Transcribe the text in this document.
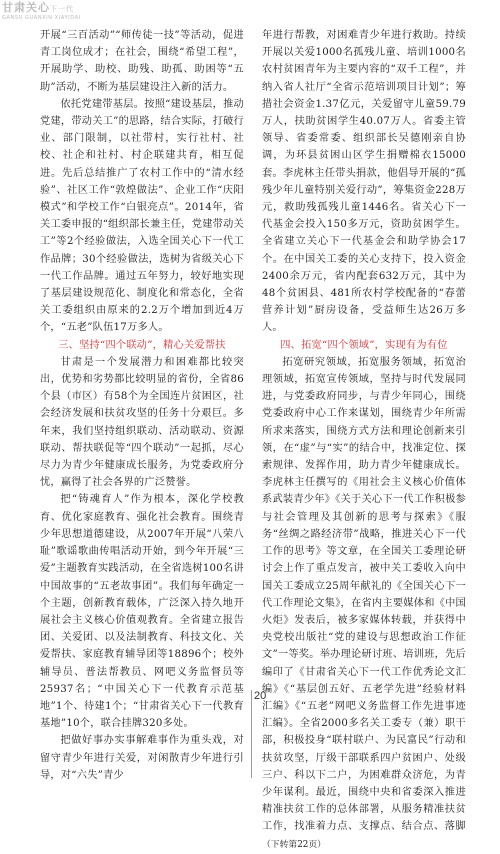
甘肃关心下一代
GANSU GUANXIN XIAYIDAI

开展“三百活动”“师传徒一技”等活动，促进青工岗位成才；在社会，围绕“希望工程”，开展助学、助校、助残、助孤、助困等“五助”活动，不断为基层建设注入新的活力。

依托党建带基层。按照“建设基层，推动党建，带动关工”的思路，结合实际，打破行业、部门限制，以社带村，实行社村、社校、社企和社村、村企联建共育，相互促进。先后总结推广了农村工作中的“清水经验”、社区工作“敦煌做法”、企业工作“庆阳模式”和学校工作“白银亮点”。2014年，省关工委申报的“组织部长兼主任，党建带动关工”等2个经验做法，入选全国关心下一代工作品牌；30个经验做法，选树为省级关心下一代工作品牌。通过五年努力，较好地实现了基层建设规范化、制度化和常态化，全省关工委组织由原来的2.2万个增加到近4万个，“五老”队伍17万多人。

三、坚持“四个联动”，精心关爱帮扶

甘肃是一个发展潜力和困难都比较突出，优势和劣势都比较明显的省份，全省86个县（市区）有58个为全国连片贫困区，社会经济发展和扶贫攻坚的任务十分艰巨。多年来，我们坚持组织联动、活动联动、资源联动、帮扶联促等“四个联动”一起抓，尽心尽力为青少年健康成长服务，为党委政府分忧，赢得了社会各界的广泛赞誉。

把“铸魂育人”作为根本，深化学校教育、优化家庭教育、强化社会教育。围绕青少年思想道德建设，从2007年开展“八荣八耻”歌谣歌曲传唱活动开始，到今年开展“三爱”主题教育实践活动，在全省选树100名讲中国故事的“五老故事团”。我们每年确定一个主题，创新教育载体，广泛深入持久地开展社会主义核心价值观教育。全省建立报告团、关爱团、以及法制教育、科技文化、关爱帮扶、家庭教育辅导团等18896个；校外辅导员、普法帮教员、网吧义务监督员等25937名；“中国关心下一代教育示范基地”1个、待建1个；“甘肃省关心下一代教育基地”10个，联合挂牌320多处。

把做好事办实事解难事作为重头戏，对留守青少年进行关爱，对闲散青少年进行引导，对“六失”青少

年进行帮教，对困难青少年进行救助。持续开展以关爱1000名孤残儿童、培训1000名农村贫困青年为主要内容的“双千工程”，并纳入省人社厅“全省示范培训项目计划”；筹措社会资金1.37亿元，关爱留守儿童59.79万人，扶助贫困学生40.07万人。省委主管领导、省委常委、组织部长吴德刚亲自协调，为环县贫困山区学生捐赠棉衣15000套。李虎林主任带头捐款，他倡导开展的“孤残少年儿童特别关爱行动”，筹集资金228万元，救助残孤残儿童1446名。省关心下一代基金会投入150多万元，资助贫困学生。全省建立关心下一代基金会和助学协会17个。在中国关工委的关心支持下，投入资金2400余万元，省内配套632万元，其中为48个贫困县、481所农村学校配备的“春蕾营养计划”厨房设备，受益师生达26万多人。

四、拓宽“四个领域”，实现有为有位

拓宽研究领域，拓宽服务领域，拓宽治理领域，拓宽宣传领域，坚持与时代发展同进，与党委政府同步，与青少年同心，围绕党委政府中心工作来谋划，围绕青少年所需所求来落实，围绕方式方法和理论创新来引领，在“虚”与“实”的结合中，找准定位、探索规律、发挥作用，助力青少年健康成长。李虎林主任撰写的《用社会主义核心价值体系武装青少年》《关于关心下一代工作积极参与社会管理及其创新的思考与探索》《服务“丝绸之路经济带”战略，推进关心下一代工作的思考》等文章，在全国关工委理论研讨会上作了重点发言，被中关工委收入向中国关工委成立25周年献礼的《全国关心下一代工作理论文集》，在省内主要媒体和《中国火炬》发表后，被多家媒体转载，并获得中央党校出版社“党的建设与思想政治工作征文”一等奖。举办理论研讨班、培训班，先后编印了《甘肃省关心下一代工作优秀论文汇编》《“基层创五好、五老学先进”经验材料汇编》《“五老”网吧义务监督工作先进事迹汇编》。全省2000多名关工委专（兼）职干部，积极投身“联村联户、为民富民”行动和扶贫攻坚，厅级干部联系四户贫困户、处级三户、科以下二户，为困难群众济危，为青少年谋利。最近，围绕中央和省委深入推进精准扶贫工作的总体部署，从服务精准扶贫工作，找准着力点、支撑点、结合点、落脚（下转第22页）

20
